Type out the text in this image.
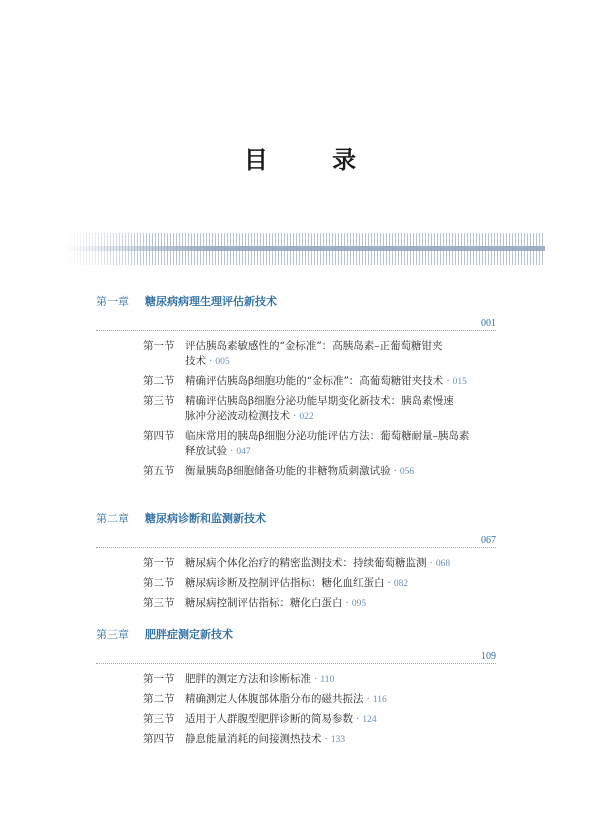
目 录
第一章 糖尿病病理生理评估新技术
001
第一节	评估胰岛素敏感性的“金标准”：高胰岛素–正葡萄糖钳夹
技术 · 005
第二节	精确评估胰岛β细胞功能的“金标准”：高葡萄糖钳夹技术 · 015
第三节	精确评估胰岛β细胞分泌功能早期变化新技术：胰岛素慢速
脉冲分泌波动检测技术 · 022
第四节	临床常用的胰岛β细胞分泌功能评估方法：葡萄糖耐量–胰岛素
释放试验 · 047
第五节	衡量胰岛β细胞储备功能的非糖物质刺激试验 · 056
第二章 糖尿病诊断和监测新技术
067
第一节	糖尿病个体化治疗的精密监测技术：持续葡萄糖监测 · 068
第二节	糖尿病诊断及控制评估指标：糖化血红蛋白 · 082
第三节	糖尿病控制评估指标：糖化白蛋白 · 095
第三章 肥胖症测定新技术
109
第一节	肥胖的测定方法和诊断标准 · 110
第二节	精确测定人体腹部体脂分布的磁共振法 · 116
第三节	适用于人群腹型肥胖诊断的简易参数 · 124
第四节	静息能量消耗的间接测热技术 · 133
